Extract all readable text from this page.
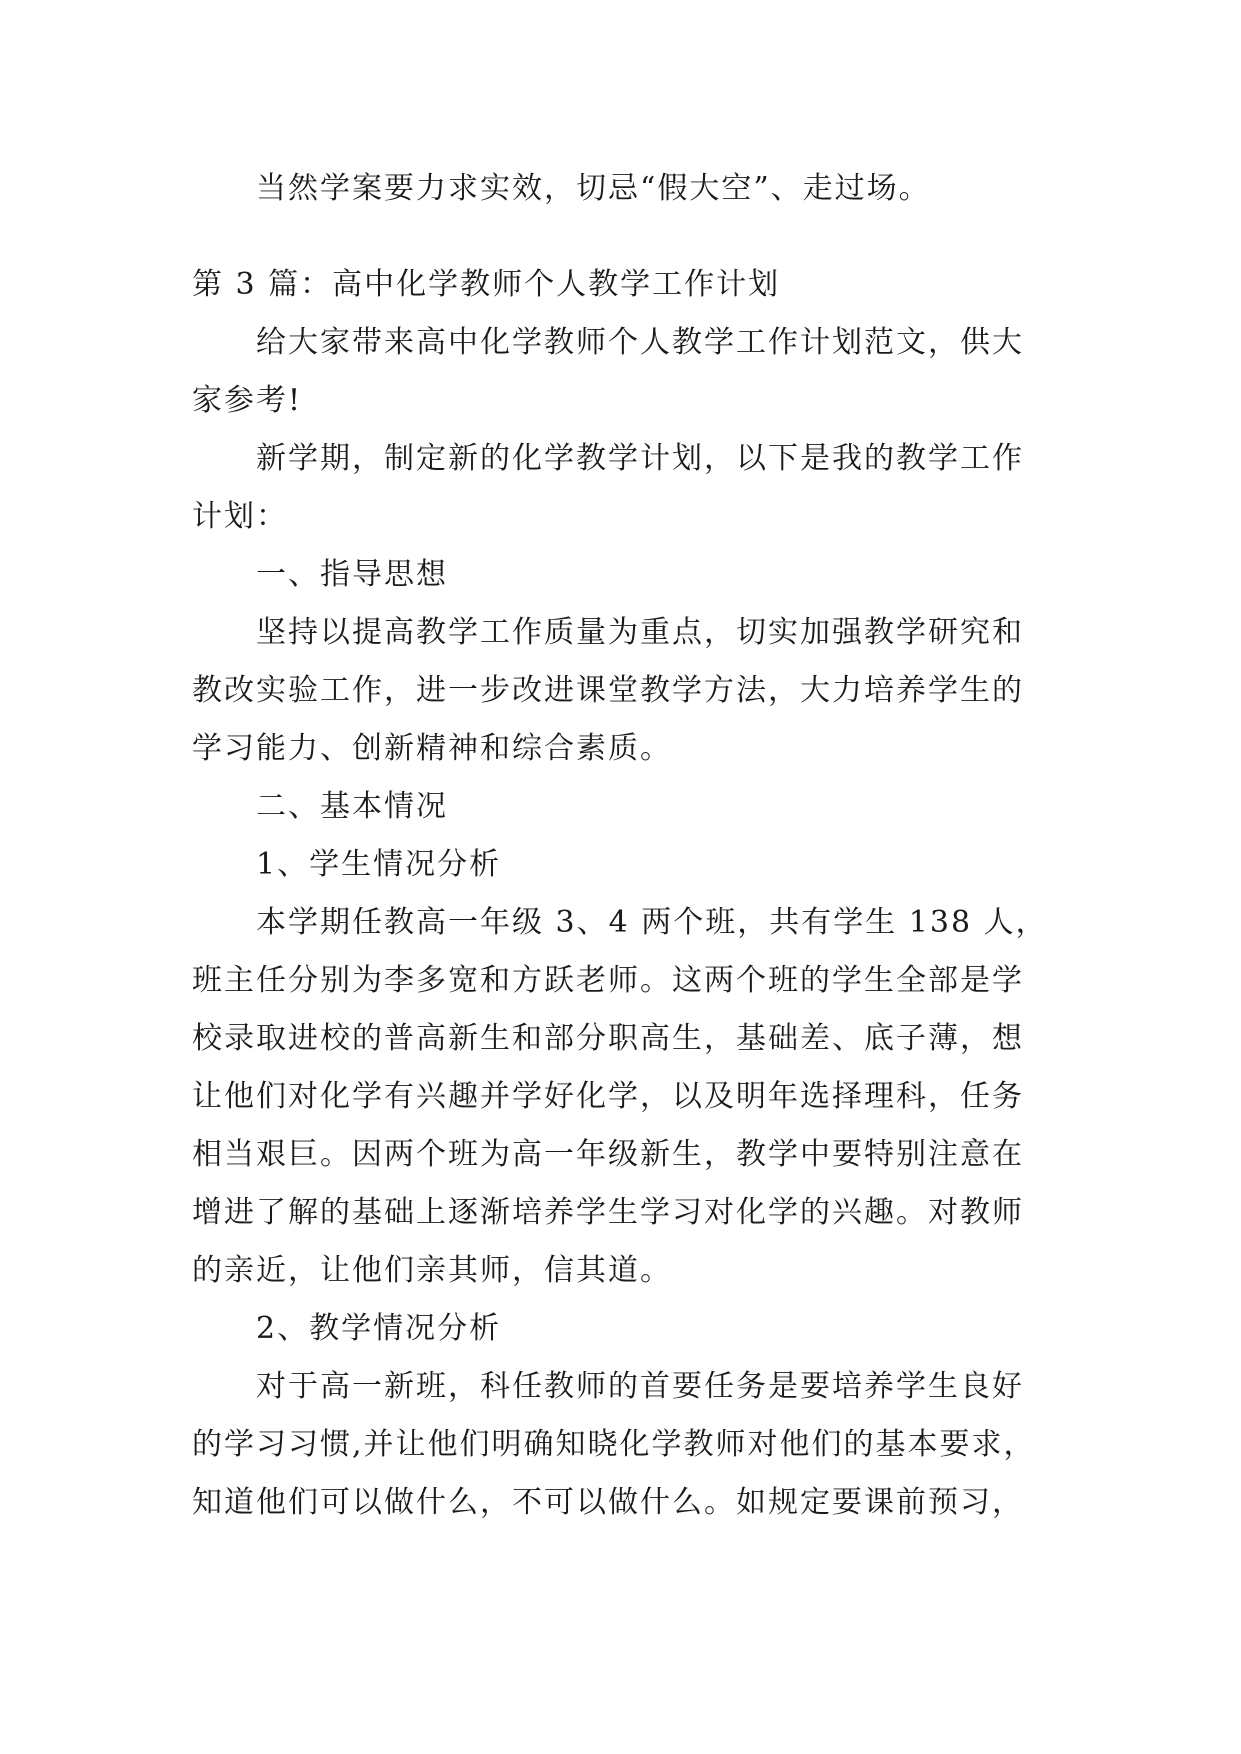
当然学案要力求实效，切忌“假大空”、走过场。
第 3 篇：高中化学教师个人教学工作计划
给大家带来高中化学教师个人教学工作计划范文，供大
家参考!
新学期，制定新的化学教学计划，以下是我的教学工作
计划：
一、指导思想
坚持以提高教学工作质量为重点，切实加强教学研究和
教改实验工作，进一步改进课堂教学方法，大力培养学生的
学习能力、创新精神和综合素质。
二、基本情况
1、学生情况分析
本学期任教高一年级 3、4 两个班，共有学生 138 人，
班主任分别为李多宽和方跃老师。这两个班的学生全部是学
校录取进校的普高新生和部分职高生，基础差、底子薄，想
让他们对化学有兴趣并学好化学，以及明年选择理科，任务
相当艰巨。因两个班为高一年级新生，教学中要特别注意在
增进了解的基础上逐渐培养学生学习对化学的兴趣。对教师
的亲近，让他们亲其师，信其道。
2、教学情况分析
对于高一新班，科任教师的首要任务是要培养学生良好
的学习习惯,并让他们明确知晓化学教师对他们的基本要求，
知道他们可以做什么，不可以做什么。如规定要课前预习，
